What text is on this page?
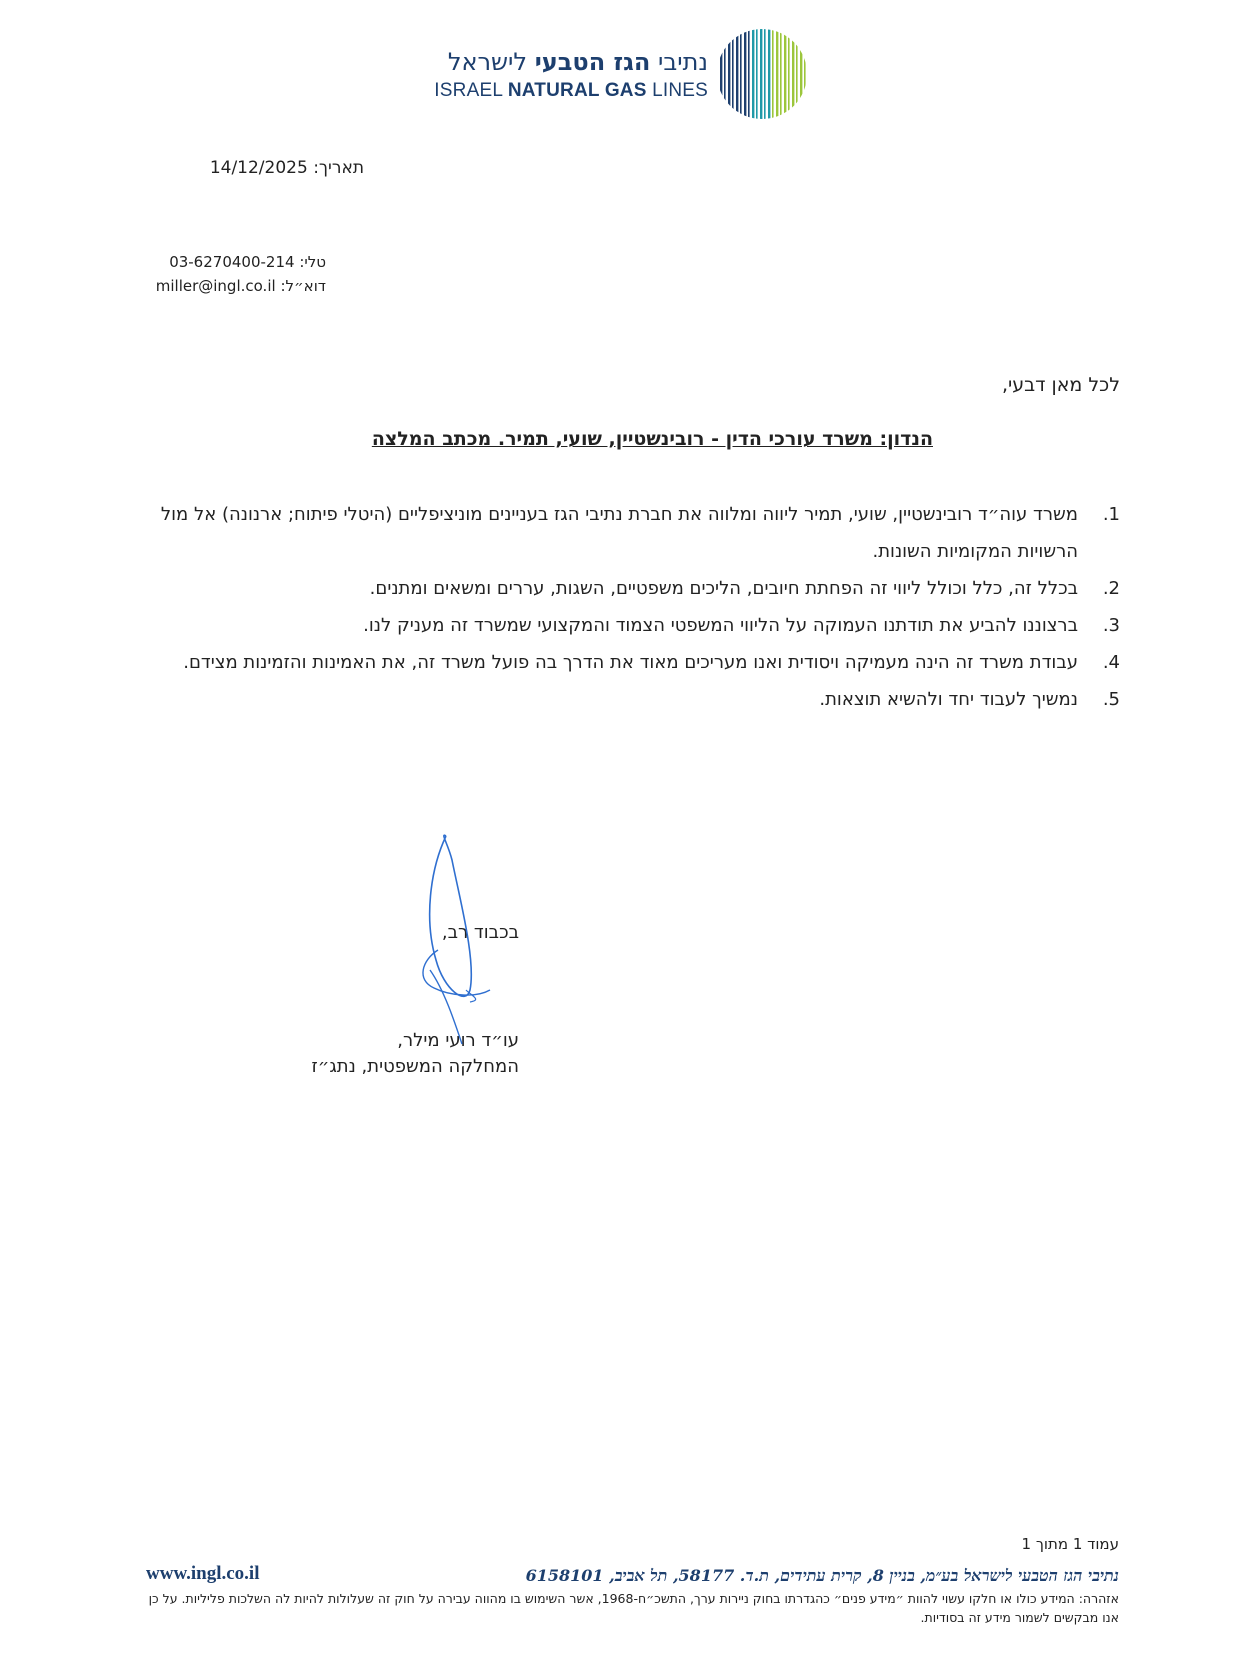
נתיבי הגז הטבעי לישראל
ISRAEL NATURAL GAS LINES
תאריך: 14/12/2025
טלי: 03-6270400-214
דוא״ל: miller@ingl.co.il
לכל מאן דבעי,
הנדון: משרד עורכי הדין - רובינשטיין, שועי, תמיר. מכתב המלצה
1.
משרד עוה״ד רובינשטיין, שועי, תמיר ליווה ומלווה את חברת נתיבי הגז בעניינים מוניציפליים (היטלי פיתוח; ארנונה) אל מול הרשויות המקומיות השונות.
2.
בכלל זה, כלל וכולל ליווי זה הפחתת חיובים, הליכים משפטיים, השגות, עררים ומשאים ומתנים.
3.
ברצוננו להביע את תודתנו העמוקה על הליווי המשפטי הצמוד והמקצועי שמשרד זה מעניק לנו.
4.
עבודת משרד זה הינה מעמיקה ויסודית ואנו מעריכים מאוד את הדרך בה פועל משרד זה, את האמינות והזמינות מצידם.
5.
נמשיך לעבוד יחד ולהשיא תוצאות.
בכבוד רב,
עו״ד רועי מילר,
המחלקה המשפטית, נתג״ז
עמוד 1 מתוך 1
נתיבי הגז הטבעי לישראל בע״מ, בניין 8, קרית עתידים, ת.ד. 58177, תל אביב, 6158101
www.ingl.co.il
אזהרה: המידע כולו או חלקו עשוי להוות ״מידע פנים״ כהגדרתו בחוק ניירות ערך, התשכ״ח-1968, אשר השימוש בו מהווה עבירה על חוק זה שעלולות להיות לה השלכות פליליות. על כן אנו מבקשים לשמור מידע זה בסודיות.
